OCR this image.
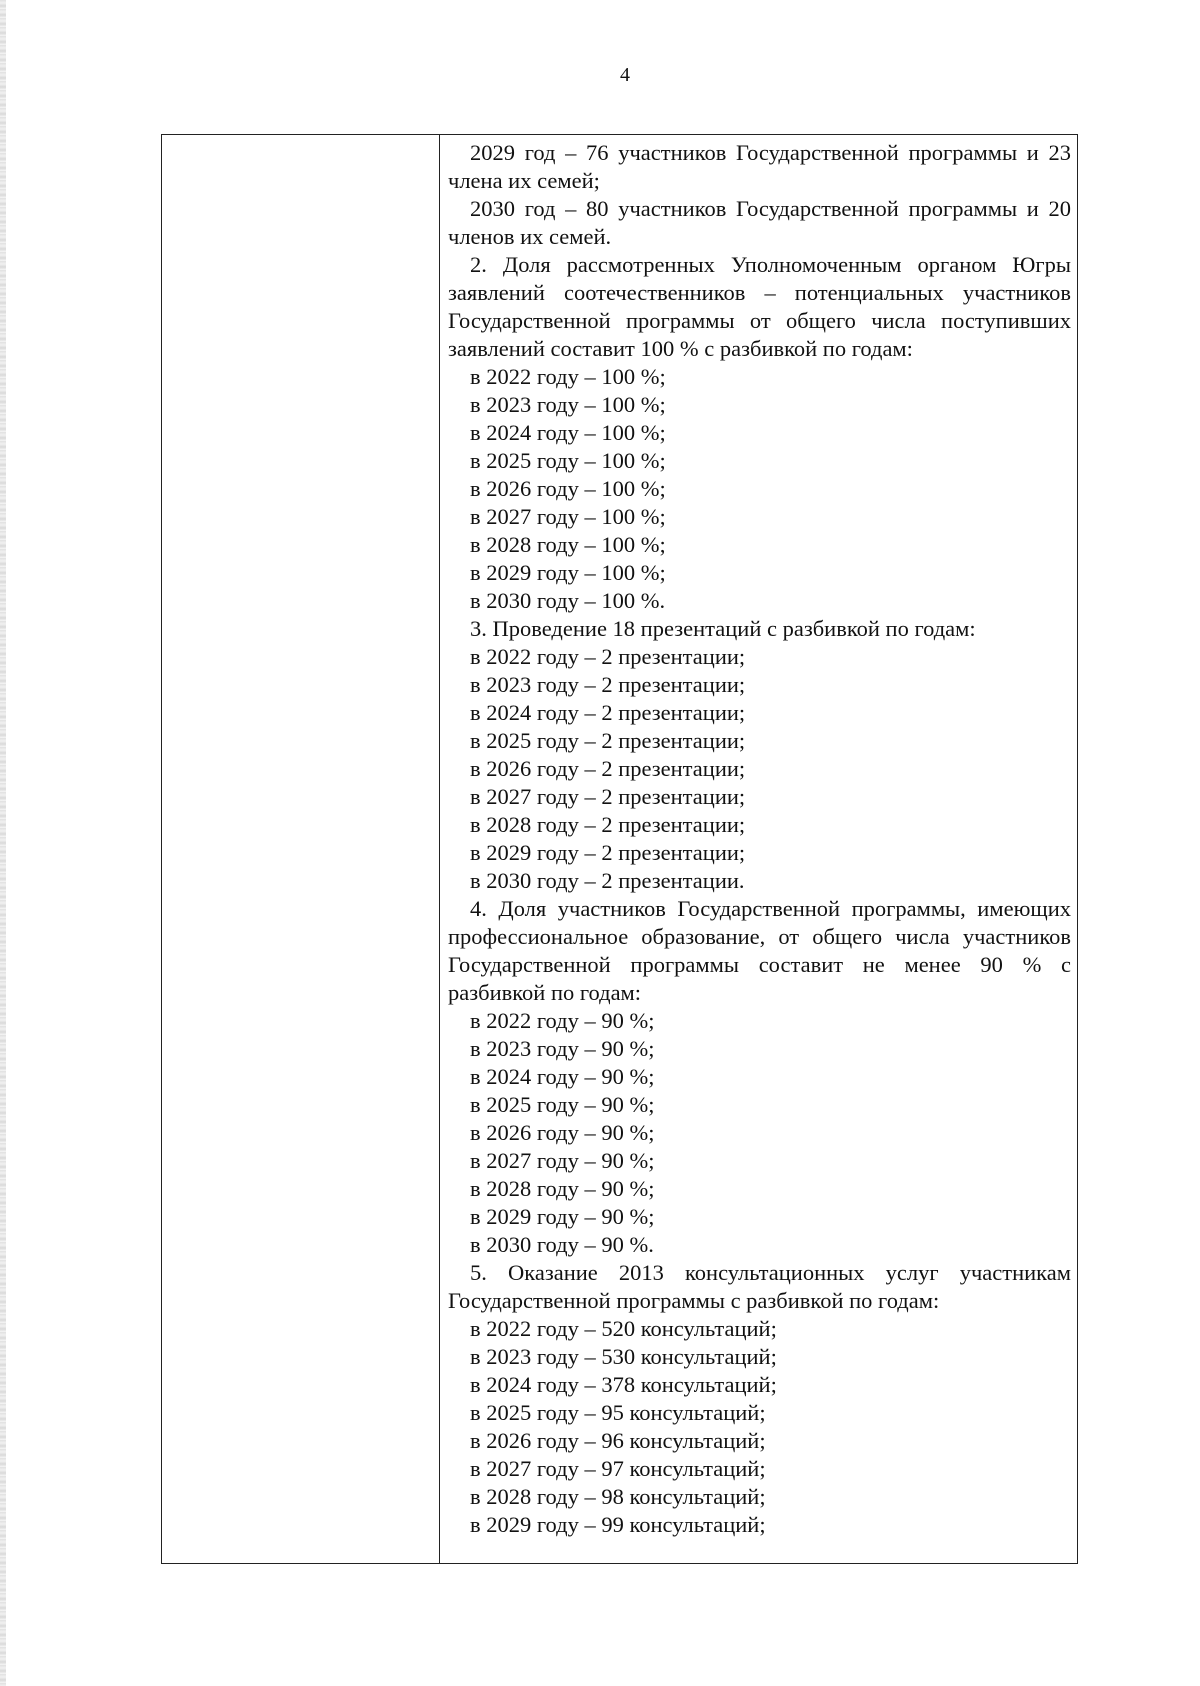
4

2029 год – 76 участников Государственной программы и 23 члена их семей;

2030 год – 80 участников Государственной программы и 20 членов их семей.

2. Доля рассмотренных Уполномоченным органом Югры заявлений соотечественников – потенциальных участников Государственной программы от общего числа поступивших заявлений составит 100 % с разбивкой по годам:

в 2022 году – 100 %;

в 2023 году – 100 %;

в 2024 году – 100 %;

в 2025 году – 100 %;

в 2026 году – 100 %;

в 2027 году – 100 %;

в 2028 году – 100 %;

в 2029 году – 100 %;

в 2030 году – 100 %.

3. Проведение 18 презентаций с разбивкой по годам:

в 2022 году – 2 презентации;

в 2023 году – 2 презентации;

в 2024 году – 2 презентации;

в 2025 году – 2 презентации;

в 2026 году – 2 презентации;

в 2027 году – 2 презентации;

в 2028 году – 2 презентации;

в 2029 году – 2 презентации;

в 2030 году – 2 презентации.

4. Доля участников Государственной программы, имеющих профессиональное образование, от общего числа участников Государственной программы составит не менее 90 % с разбивкой по годам:

в 2022 году – 90 %;

в 2023 году – 90 %;

в 2024 году – 90 %;

в 2025 году – 90 %;

в 2026 году – 90 %;

в 2027 году – 90 %;

в 2028 году – 90 %;

в 2029 году – 90 %;

в 2030 году – 90 %.

5. Оказание 2013 консультационных услуг участникам Государственной программы с разбивкой по годам:

в 2022 году – 520 консультаций;

в 2023 году – 530 консультаций;

в 2024 году – 378 консультаций;

в 2025 году – 95 консультаций;

в 2026 году – 96 консультаций;

в 2027 году – 97 консультаций;

в 2028 году – 98 консультаций;

в 2029 году – 99 консультаций;
